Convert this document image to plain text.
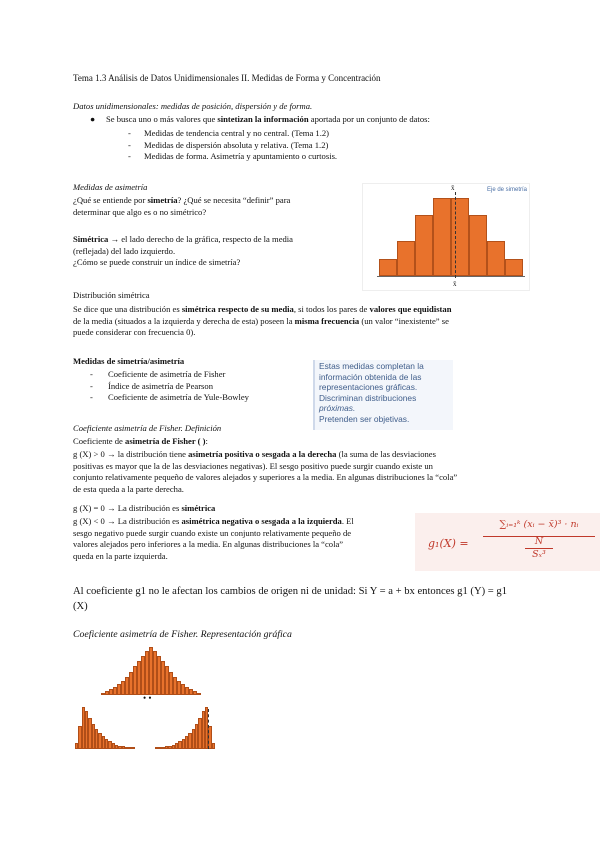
Tema 1.3 Análisis de Datos Unidimensionales II. Medidas de Forma y Concentración
Datos unidimensionales: medidas de posición, dispersión y de forma.
● Se busca uno o más valores que sintetizan la información aportada por un conjunto de datos:
- Medidas de tendencia central y no central. (Tema 1.2)
- Medidas de dispersión absoluta y relativa. (Tema 1.2)
- Medidas de forma. Asimetría y apuntamiento o curtosis.
Medidas de asimetría
¿Qué se entiende por simetría? ¿Qué se necesita “definir” para
determinar que algo es o no simétrico?
Simétrica → el lado derecho de la gráfica, respecto de la media
(reflejada) del lado izquierdo.
¿Cómo se puede construir un índice de simetría?
Eje de simetría
x̄
x̄
Distribución simétrica
Se dice que una distribución es simétrica respecto de su media, si todos los pares de valores que equidistan
de la media (situados a la izquierda y derecha de esta) poseen la misma frecuencia (un valor “inexistente” se
puede considerar con frecuencia 0).
Medidas de simetría/asimetría
- Coeficiente de asimetría de Fisher
- Índice de asimetría de Pearson
- Coeficiente de asimetría de Yule-Bowley
Estas medidas completan la
información obtenida de las
representaciones gráficas.
Discriminan distribuciones
próximas.
Pretenden ser objetivas.
Coeficiente asimetría de Fisher. Definición
Coeficiente de asimetría de Fisher ( ):
g (X) > 0 → la distribución tiene asimetría positiva o sesgada a la derecha (la suma de las desviaciones
positivas es mayor que la de las desviaciones negativas). El sesgo positivo puede surgir cuando existe un
conjunto relativamente pequeño de valores alejados y superiores a la media. En algunas distribuciones la “cola”
de esta queda a la parte derecha.
g (X) = 0 → La distribución es simétrica
g (X) < 0 → La distribución es asimétrica negativa o sesgada a la izquierda. El
sesgo negativo puede surgir cuando existe un conjunto relativamente pequeño de
valores alejados pero inferiores a la media. En algunas distribuciones la “cola”
queda en la parte izquierda.
g₁(X) =
∑ᵢ₌₁ᵏ (xᵢ − x̄)³ · nᵢ
N
Sₓ³
Al coeficiente g1 no le afectan los cambios de origen ni de unidad: Si Y = a + bx entonces g1 (Y) = g1
(X)
Coeficiente asimetría de Fisher. Representación gráfica
• •
